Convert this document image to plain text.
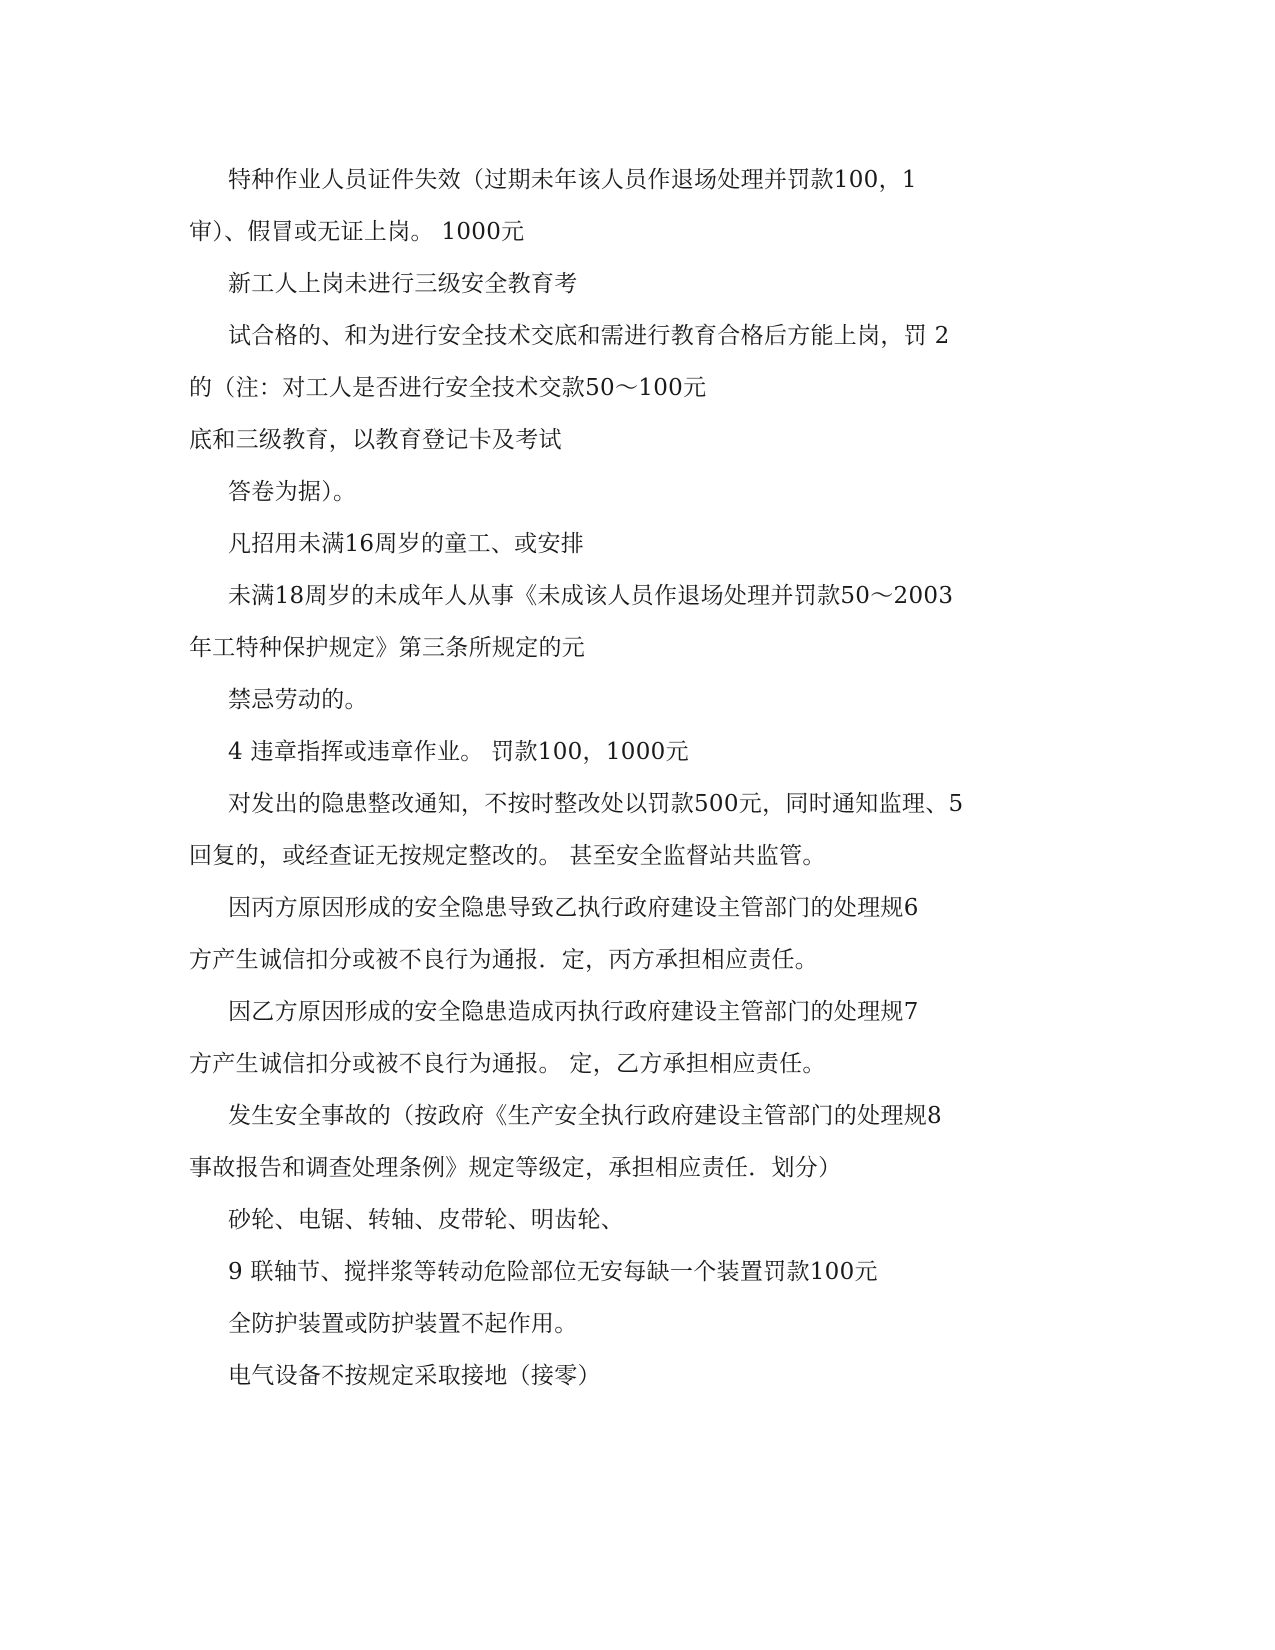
特种作业人员证件失效（过期未年该人员作退场处理并罚款100，1
审）、假冒或无证上岗。 1000元
新工人上岗未进行三级安全教育考
试合格的、和为进行安全技术交底和需进行教育合格后方能上岗，罚 2
的（注：对工人是否进行安全技术交款50～100元
底和三级教育，以教育登记卡及考试
答卷为据）。
凡招用未满16周岁的童工、或安排
未满18周岁的未成年人从事《未成该人员作退场处理并罚款50～2003
年工特种保护规定》第三条所规定的元
禁忌劳动的。
4 违章指挥或违章作业。 罚款100，1000元
对发出的隐患整改通知，不按时整改处以罚款500元，同时通知监理、5
回复的，或经查证无按规定整改的。 甚至安全监督站共监管。
因丙方原因形成的安全隐患导致乙执行政府建设主管部门的处理规6
方产生诚信扣分或被不良行为通报．定，丙方承担相应责任。
因乙方原因形成的安全隐患造成丙执行政府建设主管部门的处理规7
方产生诚信扣分或被不良行为通报。 定，乙方承担相应责任。
发生安全事故的（按政府《生产安全执行政府建设主管部门的处理规8
事故报告和调查处理条例》规定等级定，承担相应责任．划分）
砂轮、电锯、转轴、皮带轮、明齿轮、
9 联轴节、搅拌浆等转动危险部位无安每缺一个装置罚款100元
全防护装置或防护装置不起作用。
电气设备不按规定采取接地（接零）
